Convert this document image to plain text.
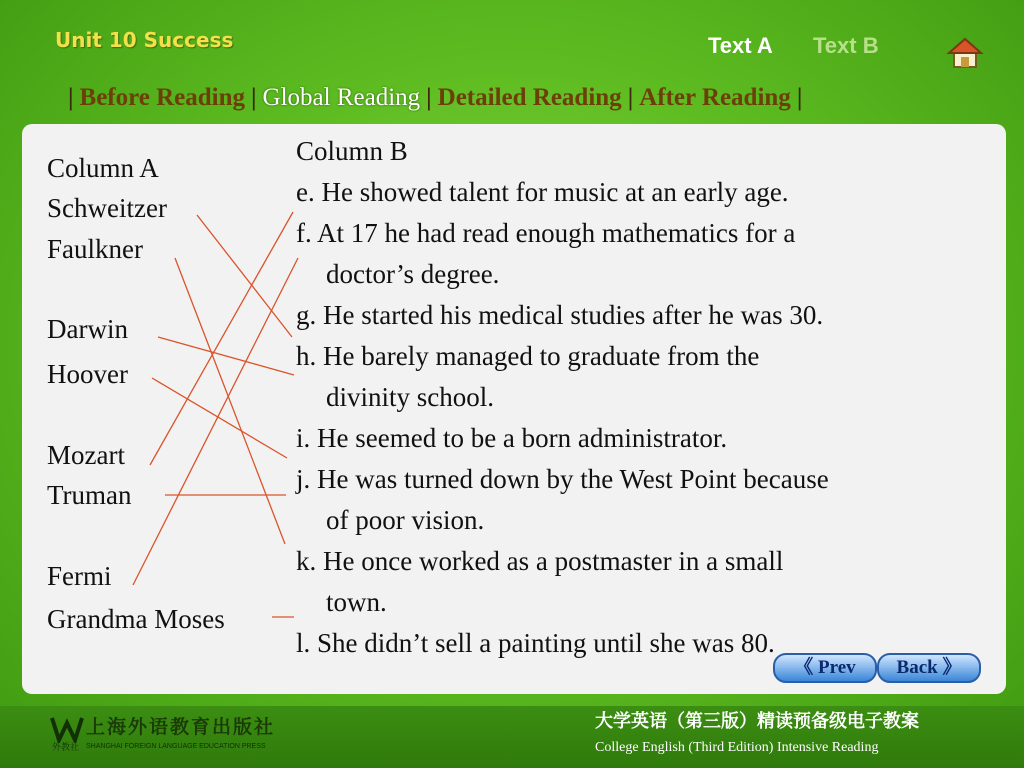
Unit 10 Success	Text A Text B
| Before Reading | Global Reading | Detailed Reading | After Reading |
Column A
Schweitzer
Faulkner
Darwin
Hoover
Mozart
Truman
Fermi
Grandma Moses
Column B
e. He showed talent for music at an early age.
f. At 17 he had read enough mathematics for a
doctor’s degree.
g. He started his medical studies after he was 30.
h. He barely managed to graduate from the
divinity school.
i. He seemed to be a born administrator.
j. He was turned down by the West Point because
of poor vision.
k. He once worked as a postmaster in a small
town.
l. She didn’t sell a painting until she was 80.
《 Prev	Back 》
上海外语教育出版社
外教社 SHANGHAI FOREIGN LANGUAGE EDUCATION PRESS
大学英语（第三版）精读预备级电子教案
College English (Third Edition) Intensive Reading
